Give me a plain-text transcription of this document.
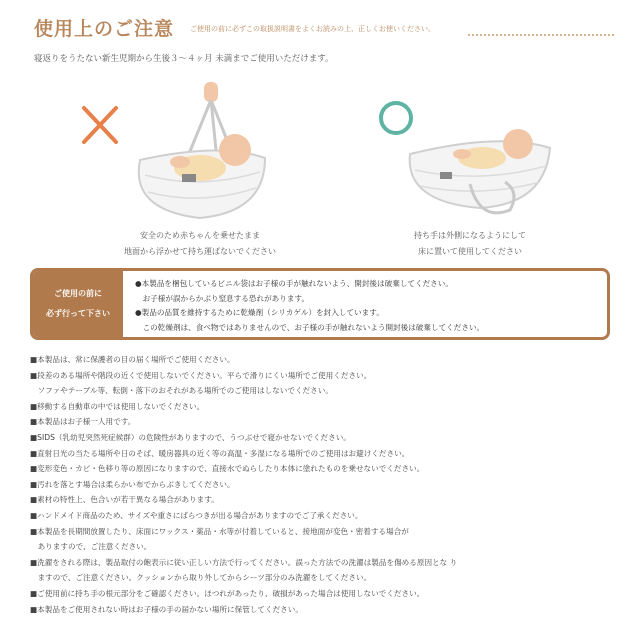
使用上のご注意 ご使用の前に必ずこの取扱説明書をよくお読みの上、正しくお使いください。
寝返りをうたない新生児期から生後３〜４ヶ月 未満までご使用いただけます。
安全のため赤ちゃんを乗せたまま
地面から浮かせて持ち運ばないでください
持ち手は外側になるようにして
床に置いて使用してください
ご使用の前に
必ず行って下さい
●本製品を梱包しているビニル袋はお子様の手が触れないよう、開封後は破棄してください。
　お子様が誤からかぶり窒息する恐れがあります。
●製品の品質を維持するために乾燥剤（シリカゲル）を封入しています。
　この乾燥剤は、食べ物ではありませんので、お子様の手が触れないよう開封後は破棄してください。
■本製品は、常に保護者の目の届く場所でご使用ください。
■段差のある場所や階段の近くで使用しないでください。平らで滑りにくい場所でご使用ください。
　ソファやテーブル等、転倒・落下のおそれがある場所でのご使用はしないでください。
■移動する自動車の中では使用しないでください。
■本製品はお子様一人用です。
■SIDS（乳幼児突然死症候群）の危険性がありますので、うつぶせで寝かせないでください。
■直射日光の当たる場所や日のそば、暖房器具の近く等の高温・多湿になる場所でのご使用はお避けください。
■変形変色・カビ・色移り等の原因になりますので、直接水でぬらしたり本体に塗れたものを乗せないでください。
■汚れを落とす場合は柔らかい布でからぶきしてください。
■素材の特性上、色合いが若干異なる場合があります。
■ハンドメイド商品のため、サイズや重さにばらつきが出る場合がありますのでご了承ください。
■本製品を長期間放置したり、床面にワックス・薬品・水等が付着していると、接地面が変色・密着する場合が
　ありますので、ご注意ください。
■洗濯をされる際は、製品取付の飽表示に従い正しい方法で行ってください。誤った方法での洗濯は製品を傷める原因とな り
　ますので、ご注意ください。クッションから取り外してからシーツ部分のみ洗濯をしてください。
■ご使用前に持ち手の根元部分をご確認ください。ほつれがあったり、破損があった場合は使用しないでください。
■本製品をご使用されない時はお子様の手の届かない場所に保管してください。
